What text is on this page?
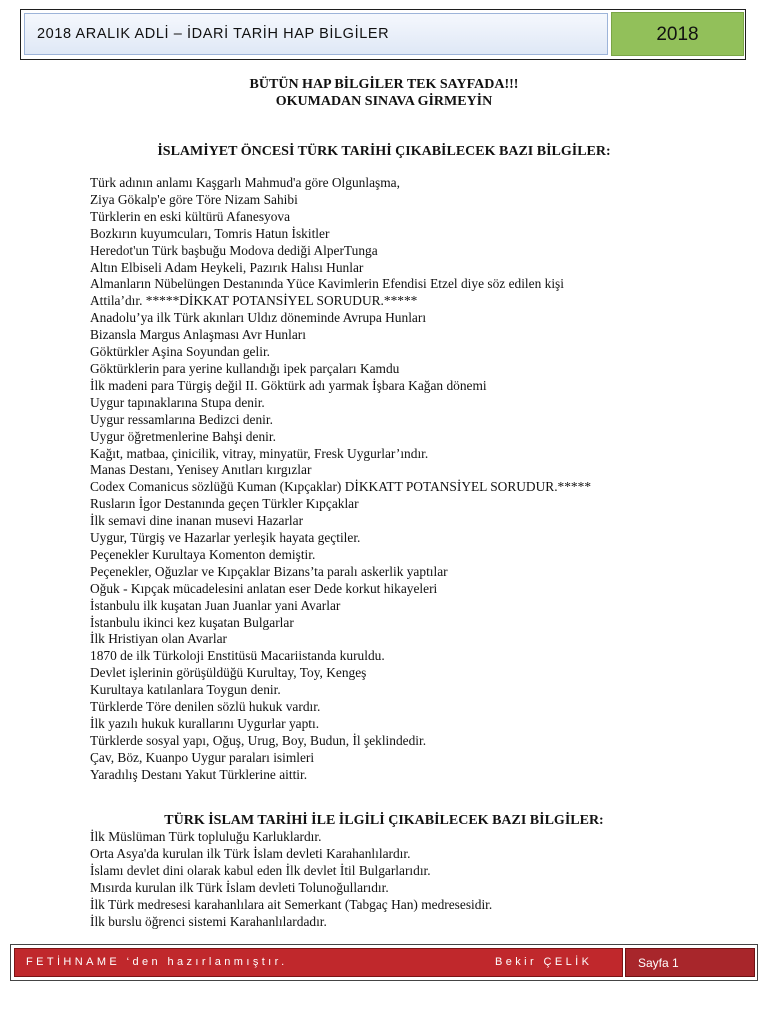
2018 ARALIK ADLİ – İDARİ TARİH HAP BİLGİLER	2018
BÜTÜN HAP BİLGİLER TEK SAYFADA!!!
OKUMADAN SINAVA GİRMEYİN
İSLAMİYET ÖNCESİ TÜRK TARİHİ ÇIKABİLECEK BAZI BİLGİLER:
Türk adının anlamı Kaşgarlı Mahmud'a göre Olgunlaşma,
Ziya Gökalp'e göre Töre Nizam Sahibi
Türklerin en eski kültürü Afanesyova
Bozkırın kuyumcuları, Tomris Hatun İskitler
Heredot'un Türk başbuğu Modova dediği AlperTunga
Altın Elbiseli Adam Heykeli, Pazırık Halısı Hunlar
Almanların Nübelüngen Destanında Yüce Kavimlerin Efendisi Etzel diye söz edilen kişi
Attila’dır. *****DİKKAT POTANSİYEL SORUDUR.*****
Anadolu’ya ilk Türk akınları Uldız döneminde Avrupa Hunları
Bizansla Margus Anlaşması Avr Hunları
Göktürkler Aşina Soyundan gelir.
Göktürklerin para yerine kullandığı ipek parçaları Kamdu
İlk madeni para Türgiş değil II. Göktürk adı yarmak İşbara Kağan dönemi
Uygur tapınaklarına Stupa denir.
Uygur ressamlarına Bedizci denir.
Uygur öğretmenlerine Bahşi denir.
Kağıt, matbaa, çinicilik, vitray, minyatür, Fresk Uygurlar’ındır.
Manas Destanı, Yenisey Anıtları kırgızlar
Codex Comanicus sözlüğü Kuman (Kıpçaklar) DİKKATT POTANSİYEL SORUDUR.*****
Rusların İgor Destanında geçen Türkler Kıpçaklar
İlk semavi dine inanan musevi Hazarlar
Uygur, Türgiş ve Hazarlar yerleşik hayata geçtiler.
Peçenekler Kurultaya Komenton demiştir.
Peçenekler, Oğuzlar ve Kıpçaklar Bizans’ta paralı askerlik yaptılar
Oğuk - Kıpçak mücadelesini anlatan eser Dede korkut hikayeleri
İstanbulu ilk kuşatan Juan Juanlar yani Avarlar
İstanbulu ikinci kez kuşatan Bulgarlar
İlk Hristiyan olan Avarlar
1870 de ilk Türkoloji Enstitüsü Macariistanda kuruldu.
Devlet işlerinin görüşüldüğü Kurultay, Toy, Kengeş
Kurultaya katılanlara Toygun denir.
Türklerde Töre denilen sözlü hukuk vardır.
İlk yazılı hukuk kurallarını Uygurlar yaptı.
Türklerde sosyal yapı, Oğuş, Urug, Boy, Budun, İl şeklindedir.
Çav, Böz, Kuanpo Uygur paraları isimleri
Yaradılış Destanı Yakut Türklerine aittir.
TÜRK İSLAM TARİHİ İLE İLGİLİ ÇIKABİLECEK BAZI BİLGİLER:
İlk Müslüman Türk topluluğu Karluklardır.
Orta Asya'da kurulan ilk Türk İslam devleti Karahanlılardır.
İslamı devlet dini olarak kabul eden İlk devlet İtil Bulgarlarıdır.
Mısırda kurulan ilk Türk İslam devleti Tolunoğullarıdır.
İlk Türk medresesi karahanlılara ait Semerkant (Tabgaç Han) medresesidir.
İlk burslu öğrenci sistemi Karahanlılardadır.
FETİHNAME ‘den hazırlanmıştır.	Bekir ÇELİK	Sayfa 1
